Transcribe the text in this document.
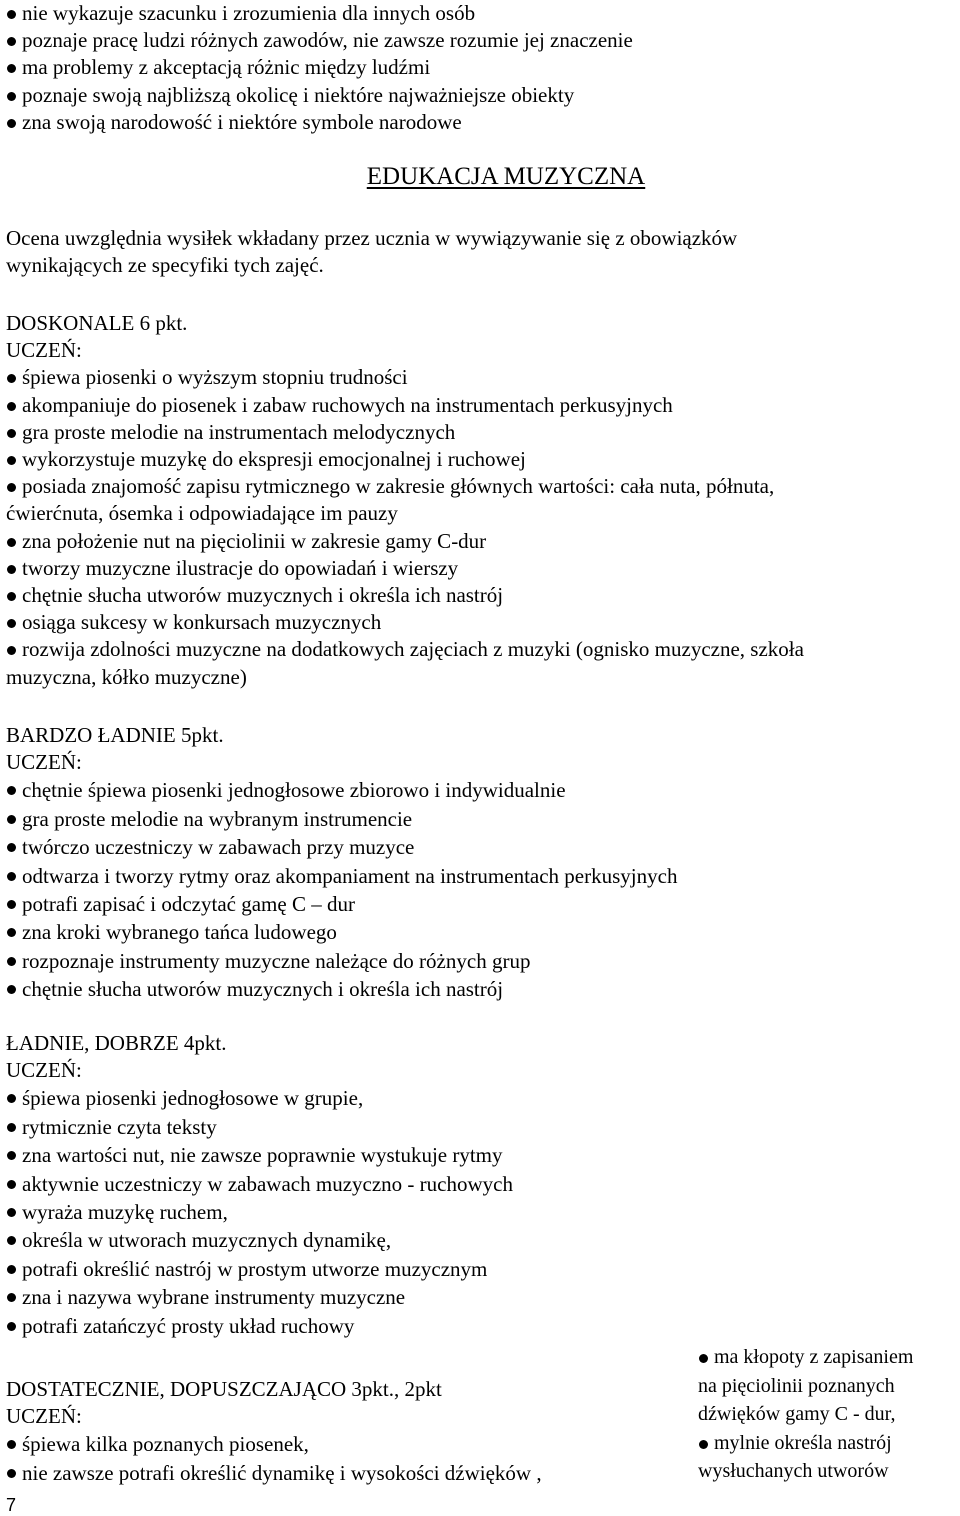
nie wykazuje szacunku i zrozumienia dla innych osób
poznaje pracę ludzi różnych zawodów, nie zawsze rozumie jej znaczenie
ma problemy z akceptacją różnic między ludźmi
poznaje swoją najbliższą okolicę i niektóre najważniejsze obiekty
zna swoją narodowość i niektóre symbole narodowe
EDUKACJA MUZYCZNA
Ocena uwzględnia wysiłek wkładany przez ucznia w wywiązywanie się z obowiązków
wynikających ze specyfiki tych zajęć.
DOSKONALE 6 pkt.
UCZEŃ:
śpiewa piosenki o wyższym stopniu trudności
akompaniuje do piosenek i zabaw ruchowych na instrumentach perkusyjnych
gra proste melodie na instrumentach melodycznych
wykorzystuje muzykę do ekspresji emocjonalnej i ruchowej
posiada znajomość zapisu rytmicznego w zakresie głównych wartości: cała nuta, półnuta,
ćwierćnuta, ósemka i odpowiadające im pauzy
zna położenie nut na pięciolinii w zakresie gamy C-dur
tworzy muzyczne ilustracje do opowiadań i wierszy
chętnie słucha utworów muzycznych i określa ich nastrój
osiąga sukcesy w konkursach muzycznych
rozwija zdolności muzyczne na dodatkowych zajęciach z muzyki (ognisko muzyczne, szkoła
muzyczna, kółko muzyczne)
BARDZO ŁADNIE 5pkt.
UCZEŃ:
chętnie śpiewa piosenki jednogłosowe zbiorowo i indywidualnie
gra proste melodie na wybranym instrumencie
twórczo uczestniczy w zabawach przy muzyce
odtwarza i tworzy rytmy oraz akompaniament na instrumentach perkusyjnych
potrafi zapisać i odczytać gamę C – dur
zna kroki wybranego tańca ludowego
rozpoznaje instrumenty muzyczne należące do różnych grup
chętnie słucha utworów muzycznych i określa ich nastrój
ŁADNIE, DOBRZE 4pkt.
UCZEŃ:
śpiewa piosenki jednogłosowe w grupie,
rytmicznie czyta teksty
zna wartości nut, nie zawsze poprawnie wystukuje rytmy
aktywnie uczestniczy w zabawach muzyczno - ruchowych
wyraża muzykę ruchem,
określa w utworach muzycznych dynamikę,
potrafi określić nastrój w prostym utworze muzycznym
zna i nazywa wybrane instrumenty muzyczne
potrafi zatańczyć prosty układ ruchowy
DOSTATECZNIE, DOPUSZCZAJĄCO 3pkt., 2pkt
UCZEŃ:
śpiewa kilka poznanych piosenek,
nie zawsze potrafi określić dynamikę i wysokości dźwięków ,
ma kłopoty z zapisaniem
na pięciolinii poznanych
dźwięków gamy C - dur,
mylnie określa nastrój
wysłuchanych utworów
7
